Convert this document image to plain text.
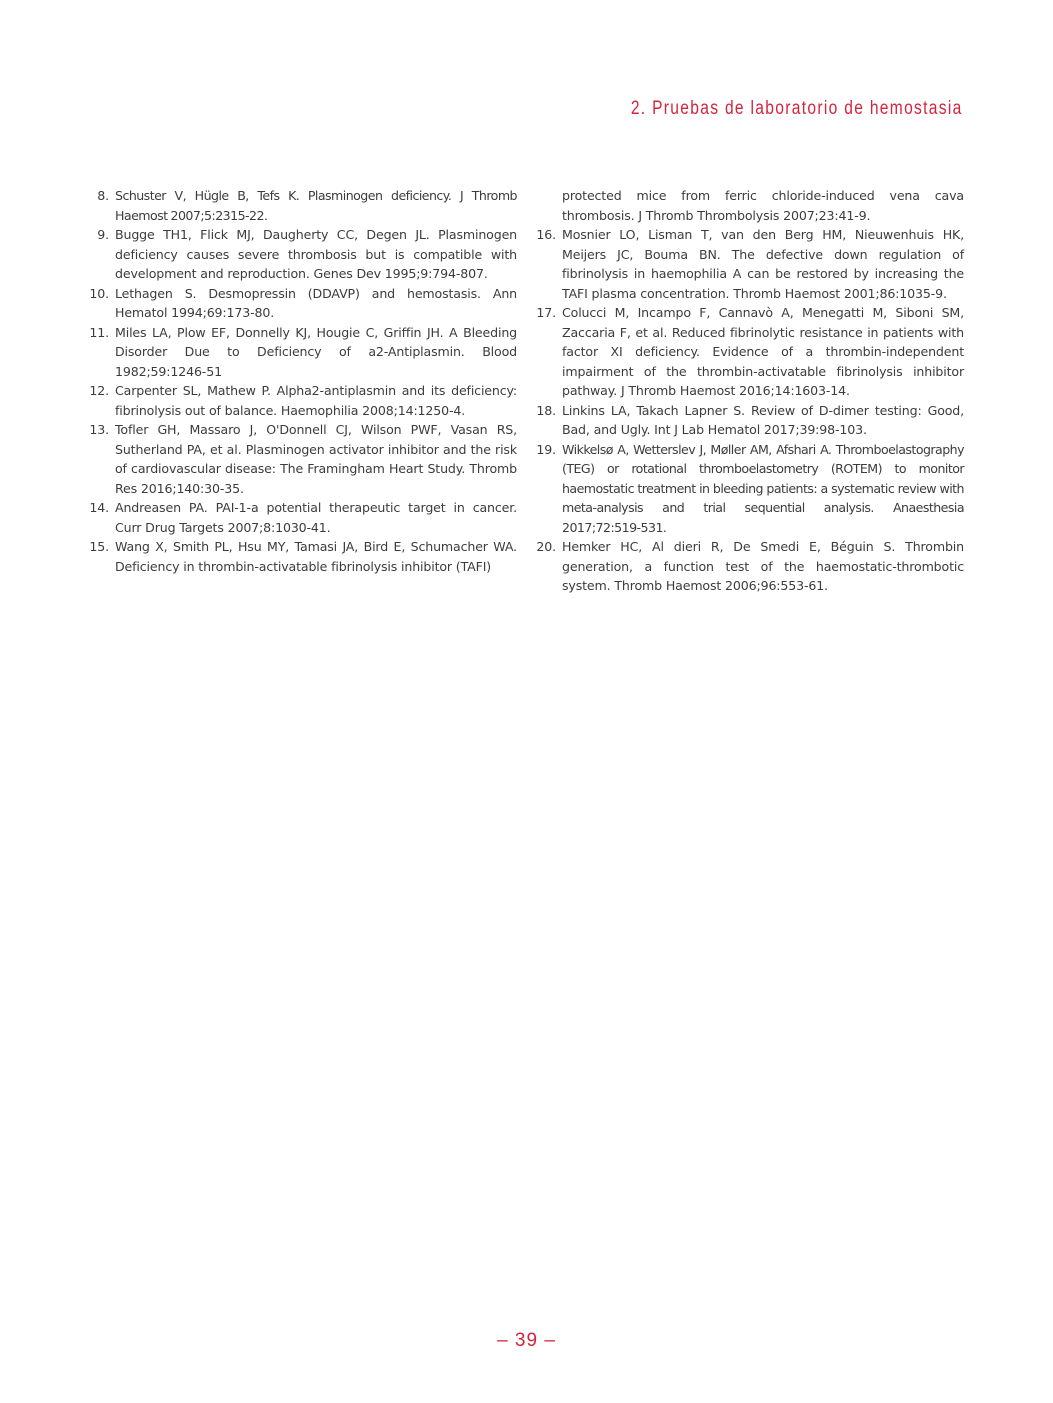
2. Pruebas de laboratorio de hemostasia
8. Schuster V, Hügle B, Tefs K. Plasminogen deficiency. J Thromb Haemost 2007;5:2315-22.
9. Bugge TH1, Flick MJ, Daugherty CC, Degen JL. Plasminogen deficiency causes severe thrombosis but is compatible with development and reproduction. Genes Dev 1995;9:794-807.
10. Lethagen S. Desmopressin (DDAVP) and hemostasis. Ann Hematol 1994;69:173-80.
11. Miles LA, Plow EF, Donnelly KJ, Hougie C, Griffin JH. A Bleeding Disorder Due to Deficiency of a2-Antiplasmin. Blood 1982;59:1246-51
12. Carpenter SL, Mathew P. Alpha2-antiplasmin and its deficiency: fibrinolysis out of balance. Haemophilia 2008;14:1250-4.
13. Tofler GH, Massaro J, O'Donnell CJ, Wilson PWF, Vasan RS, Sutherland PA, et al. Plasminogen activator inhibitor and the risk of cardiovascular disease: The Framingham Heart Study. Thromb Res 2016;140:30-35.
14. Andreasen PA. PAI-1-a potential therapeutic target in cancer. Curr Drug Targets 2007;8:1030-41.
15. Wang X, Smith PL, Hsu MY, Tamasi JA, Bird E, Schumacher WA. Deficiency in thrombin-activatable fibrinolysis inhibitor (TAFI)
protected mice from ferric chloride-induced vena cava thrombosis. J Thromb Thrombolysis 2007;23:41-9.
16. Mosnier LO, Lisman T, van den Berg HM, Nieuwenhuis HK, Meijers JC, Bouma BN. The defective down regulation of fibrinolysis in haemophilia A can be restored by increasing the TAFI plasma concentration. Thromb Haemost 2001;86:1035-9.
17. Colucci M, Incampo F, Cannavò A, Menegatti M, Siboni SM, Zaccaria F, et al. Reduced fibrinolytic resistance in patients with factor XI deficiency. Evidence of a thrombin-independent impairment of the thrombin-activatable fibrinolysis inhibitor pathway. J Thromb Haemost 2016;14:1603-14.
18. Linkins LA, Takach Lapner S. Review of D-dimer testing: Good, Bad, and Ugly. Int J Lab Hematol 2017;39:98-103.
19. Wikkelsø A, Wetterslev J, Møller AM, Afshari A. Thromboelastography (TEG) or rotational thromboelastometry (ROTEM) to monitor haemostatic treatment in bleeding patients: a systematic review with meta-analysis and trial sequential analysis. Anaesthesia 2017;72:519-531.
20. Hemker HC, Al dieri R, De Smedi E, Béguin S. Thrombin generation, a function test of the haemostatic-thrombotic system. Thromb Haemost 2006;96:553-61.
– 39 –
